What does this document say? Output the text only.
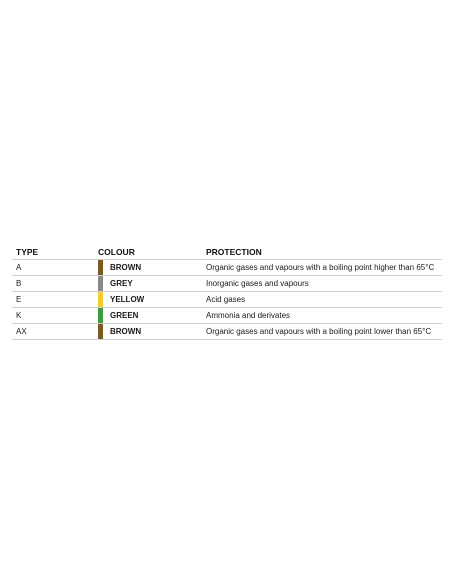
TYPE	COLOUR		PROTECTION
A		BROWN	Organic gases and vapours with a boiling point higher than 65°C
B		GREY	Inorganic gases and vapours
E		YELLOW	Acid gases
K		GREEN	Ammonia and derivates
AX		BROWN	Organic gases and vapours with a boiling point lower than 65°C
